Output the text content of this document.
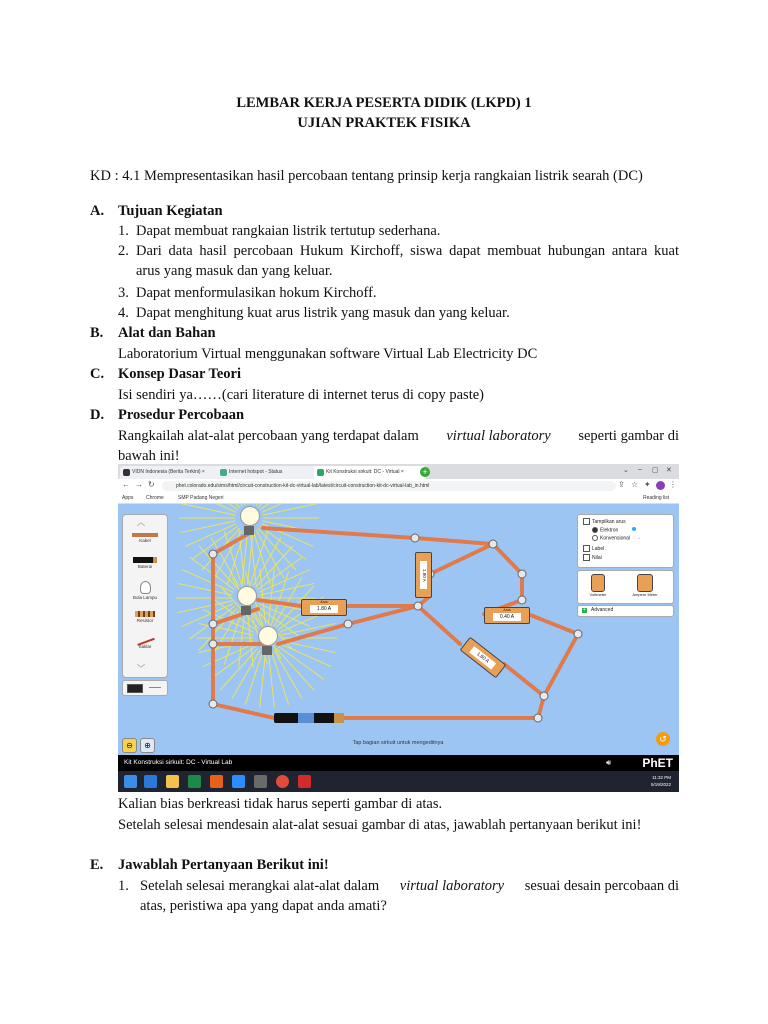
LEMBAR KERJA PESERTA DIDIK (LKPD) 1
UJIAN PRAKTEK FISIKA
KD : 4.1 Mempresentasikan hasil percobaan tentang prinsip kerja rangkaian listrik searah (DC)
A. Tujuan Kegiatan
1. Dapat membuat rangkaian listrik tertutup sederhana.
2. Dari data hasil percobaan Hukum Kirchoff, siswa dapat membuat hubungan antara kuat
arus yang masuk dan yang keluar.
3. Dapat menformulasikan hokum Kirchoff.
4. Dapat menghitung kuat arus listrik yang masuk dan yang keluar.
B. Alat dan Bahan
Laboratorium Virtual menggunakan software Virtual Lab Electricity DC
C. Konsep Dasar Teori
Isi sendiri ya……(cari literature di internet terus di copy paste)
D. Prosedur Percobaan
Rangkailah alat-alat percobaan yang terdapat dalam virtual laboratory seperti gambar di
bawah ini!
VIDN Indonesia (Berita Terkini) ×	Internet hotspot - Status	Kit Konstruksi sirkuit: DC - Virtual ×	+	⌄ – ▢ ✕
← → ↻	phet.colorado.edu/sims/html/circuit-construction-kit-dc-virtual-lab/latest/circuit-construction-kit-dc-virtual-lab_in.html	⇪ ☆ ✦ ⋮
Apps	Chrome	SMP Padang Negeri	Reading list
Arus
1.80 A
1.80 A
Arus
0.40 A
1.60 A
︿
Kabel
Baterai
Bola Lampu
Resistor
Saklar
﹀
Tampilkan arus
Elektron
Konvensional →
Label
Nilai
Voltmeter	Ampere Meter
+ Advanced
⊖	⊕	Tap bagian sirkuit untuk mengeditnya	↺
Kit Konstruksi sirkuit: DC - Virtual Lab	🔊︎	PhET
11:32 PM
5/19/2022
Kalian bias berkreasi tidak harus seperti gambar di atas.
Setelah selesai mendesain alat-alat sesuai gambar di atas, jawablah pertanyaan berikut ini!
E. Jawablah Pertanyaan Berikut ini!
1. Setelah selesai merangkai alat-alat dalam virtual laboratory sesuai desain percobaan di
atas, peristiwa apa yang dapat anda amati?
